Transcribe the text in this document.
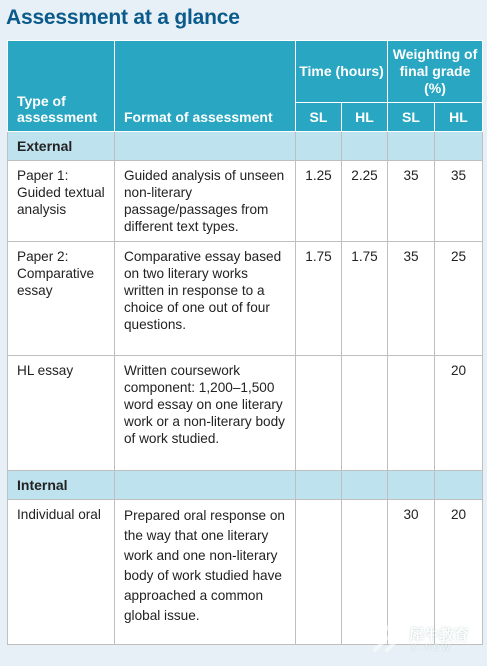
Assessment at a glance
Type of assessment	Format of assessment	Time (hours)		Weighting of final grade (%)	
		SL	HL	SL	HL
External					
Paper 1: Guided textual analysis	Guided analysis of unseen non-literary passage/passages from different text types.	1.25	2.25	35	35
Paper 2: Comparative essay	Comparative essay based on two literary works written in response to a choice of one out of four questions.	1.75	1.75	35	25
HL essay	Written coursework component: 1,200–1,500 word essay on one literary work or a non-literary body of work studied.				20
Internal					
Individual oral	Prepared oral response on the way that one literary work and one non-literary body of work studied have approached a common global issue.			30	20
犀牛教育
X-NEW
